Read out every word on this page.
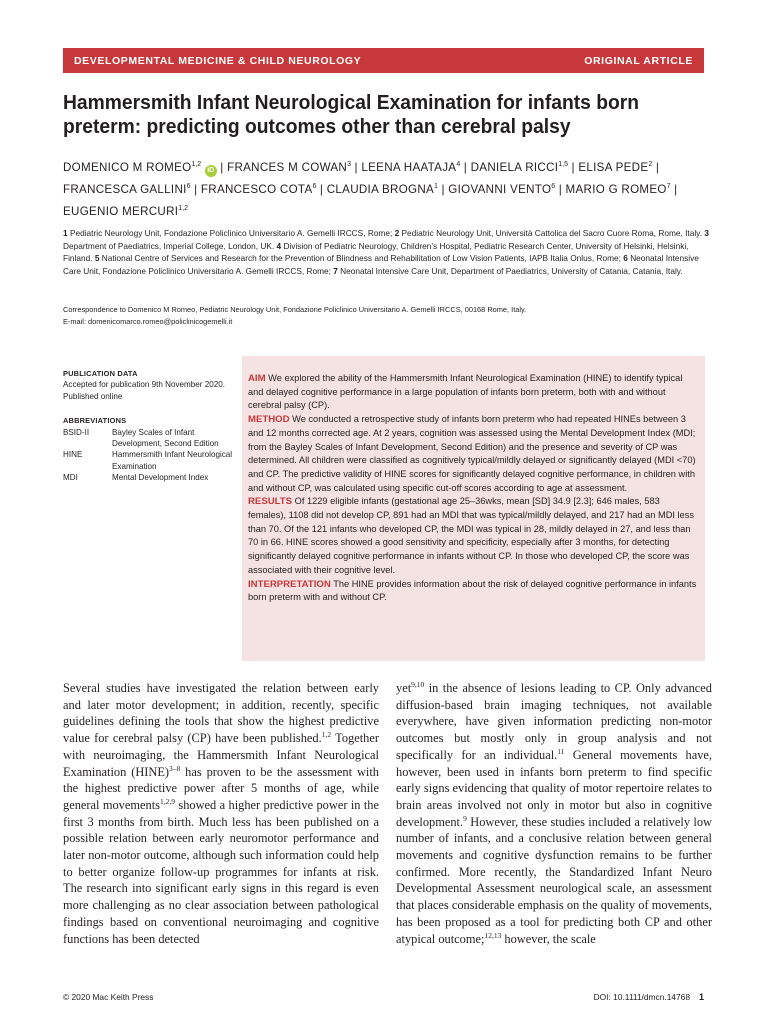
DEVELOPMENTAL MEDICINE & CHILD NEUROLOGY	ORIGINAL ARTICLE
Hammersmith Infant Neurological Examination for infants born preterm: predicting outcomes other than cerebral palsy
DOMENICO M ROMEO$^{1,2}$ iD | FRANCES M COWAN$^3$ | LEENA HAATAJA$^4$ | DANIELA RICCI$^{1,5}$ | ELISA PEDE$^2$ | FRANCESCA GALLINI$^6$ | FRANCESCO COTA$^6$ | CLAUDIA BROGNA$^1$ | GIOVANNI VENTO$^6$ | MARIO G ROMEO$^7$ | EUGENIO MERCURI$^{1,2}$
1 Pediatric Neurology Unit, Fondazione Policlinico Universitario A. Gemelli IRCCS, Rome; 2 Pediatric Neurology Unit, Università Cattolica del Sacro Cuore Roma, Rome, Italy. 3 Department of Paediatrics, Imperial College, London, UK. 4 Division of Pediatric Neurology, Children’s Hospital, Pediatric Research Center, University of Helsinki, Helsinki, Finland. 5 National Centre of Services and Research for the Prevention of Blindness and Rehabilitation of Low Vision Patients, IAPB Italia Onlus, Rome; 6 Neonatal Intensive Care Unit, Fondazione Policlinico Universitario A. Gemelli IRCCS, Rome; 7 Neonatal Intensive Care Unit, Department of Paediatrics, University of Catania, Catania, Italy.
Correspondence to Domenico M Romeo, Pediatric Neurology Unit, Fondazione Policlinico Universitario A. Gemelli IRCCS, 00168 Rome, Italy.
E-mail: domenicomarco.romeo@policlinicogemelli.it
PUBLICATION DATA
Accepted for publication 9th November 2020.
Published online
ABBREVIATIONS
BSID-II	Bayley Scales of Infant Development, Second Edition
HINE	Hammersmith Infant Neurological Examination
MDI	Mental Development Index

AIM We explored the ability of the Hammersmith Infant Neurological Examination (HINE) to identify typical and delayed cognitive performance in a large population of infants born preterm, both with and without cerebral palsy (CP).

METHOD We conducted a retrospective study of infants born preterm who had repeated HINEs between 3 and 12 months corrected age. At 2 years, cognition was assessed using the Mental Development Index (MDI; from the Bayley Scales of Infant Development, Second Edition) and the presence and severity of CP was determined. All children were classified as cognitively typical/mildly delayed or significantly delayed (MDI <70) and CP. The predictive validity of HINE scores for significantly delayed cognitive performance, in children with and without CP, was calculated using specific cut-off scores according to age at assessment.

RESULTS Of 1229 eligible infants (gestational age 25–36wks, mean [SD] 34.9 [2.3]; 646 males, 583 females), 1108 did not develop CP, 891 had an MDI that was typical/mildly delayed, and 217 had an MDI less than 70. Of the 121 infants who developed CP, the MDI was typical in 28, mildly delayed in 27, and less than 70 in 66. HINE scores showed a good sensitivity and specificity, especially after 3 months, for detecting significantly delayed cognitive performance in infants without CP. In those who developed CP, the score was associated with their cognitive level.

INTERPRETATION The HINE provides information about the risk of delayed cognitive performance in infants born preterm with and without CP.

Several studies have investigated the relation between early and later motor development; in addition, recently, specific guidelines defining the tools that show the highest predictive value for cerebral palsy (CP) have been published.$^{1,2}$ Together with neuroimaging, the Hammersmith Infant Neurological Examination (HINE)$^{3-8}$ has proven to be the assessment with the highest predictive power after 5 months of age, while general movements$^{1,2,9}$ showed a higher predictive power in the first 3 months from birth. Much less has been published on a possible relation between early neuromotor performance and later non-motor outcome, although such information could help to better organize follow-up programmes for infants at risk. The research into significant early signs in this regard is even more challenging as no clear association between pathological findings based on conventional neuroimaging and cognitive functions has been detected

yet$^{9,10}$ in the absence of lesions leading to CP. Only advanced diffusion-based brain imaging techniques, not available everywhere, have given information predicting non-motor outcomes but mostly only in group analysis and not specifically for an individual.$^{11}$ General movements have, however, been used in infants born preterm to find specific early signs evidencing that quality of motor repertoire relates to brain areas involved not only in motor but also in cognitive development.$^9$ However, these studies included a relatively low number of infants, and a conclusive relation between general movements and cognitive dysfunction remains to be further confirmed. More recently, the Standardized Infant Neuro Developmental Assessment neurological scale, an assessment that places considerable emphasis on the quality of movements, has been proposed as a tool for predicting both CP and other atypical outcome;$^{12,13}$ however, the scale

© 2020 Mac Keith Press	DOI: 10.1111/dmcn.14768 1
